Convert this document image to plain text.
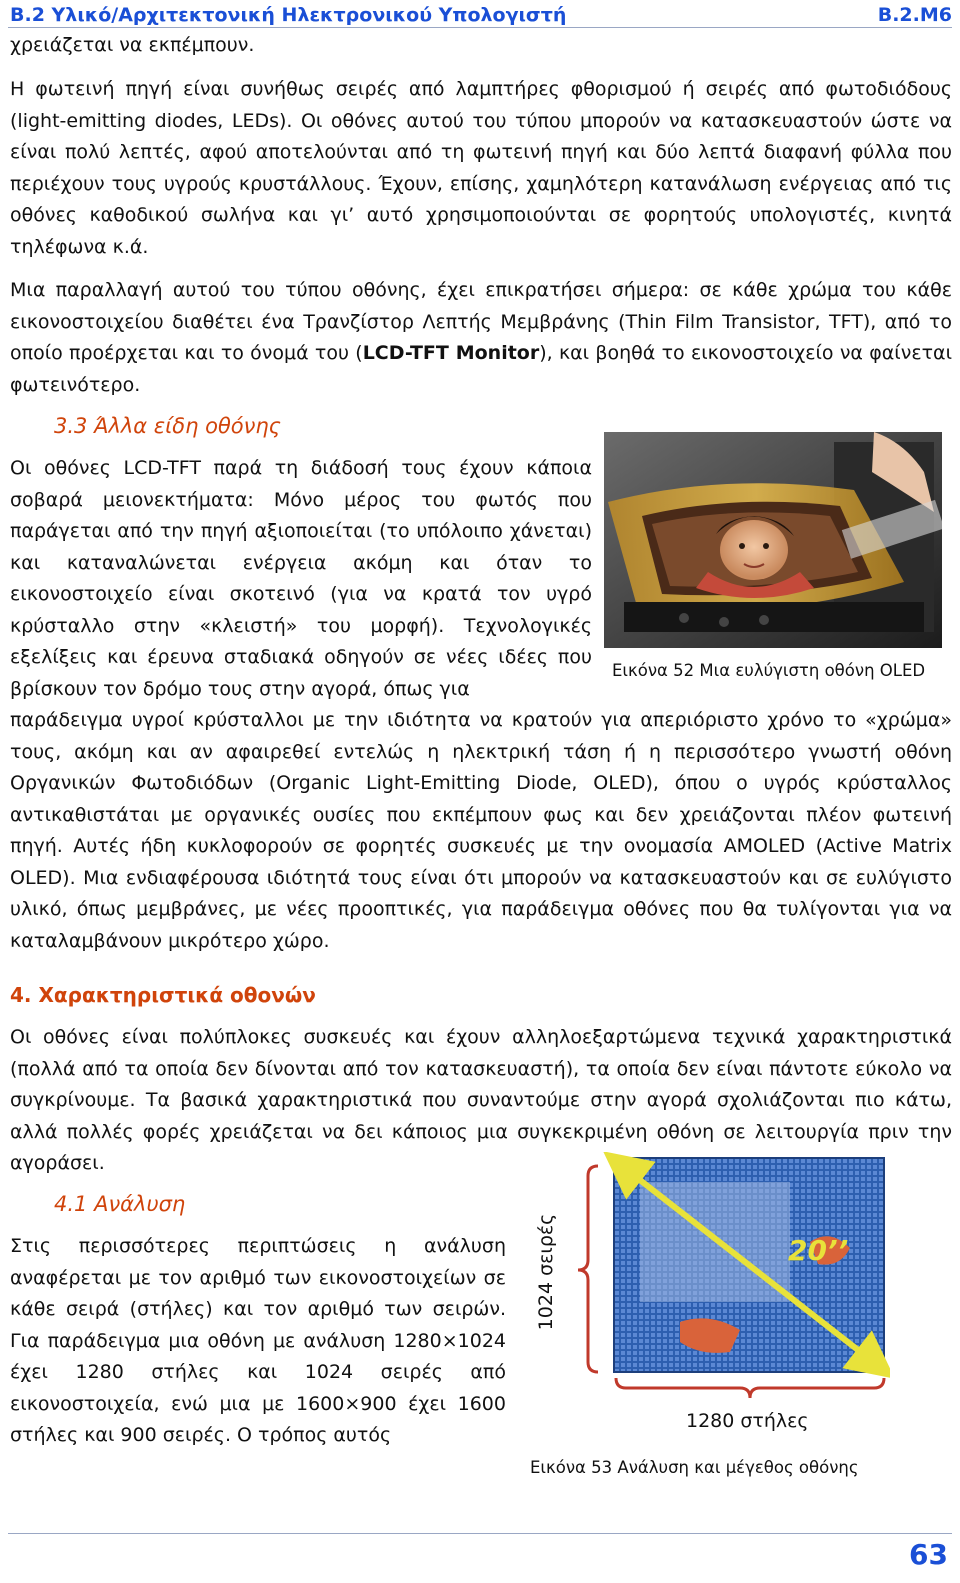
Β.2 Υλικό/Αρχιτεκτονική Ηλεκτρονικού Υπολογιστή	Β.2.Μ6
χρειάζεται να εκπέμπουν.
Η φωτεινή πηγή είναι συνήθως σειρές από λαμπτήρες φθορισμού ή σειρές από φωτοδιόδους (light-emitting diodes, LEDs). Οι οθόνες αυτού του τύπου μπορούν να κατασκευαστούν ώστε να είναι πολύ λεπτές, αφού αποτελούνται από τη φωτεινή πηγή και δύο λεπτά διαφανή φύλλα που περιέχουν τους υγρούς κρυστάλλους. Έχουν, επίσης, χαμηλότερη κατανάλωση ενέργειας από τις οθόνες καθοδικού σωλήνα και γι’ αυτό χρησιμοποιούνται σε φορητούς υπολογιστές, κινητά τηλέφωνα κ.ά.
Μια παραλλαγή αυτού του τύπου οθόνης, έχει επικρατήσει σήμερα: σε κάθε χρώμα του κάθε εικονοστοιχείου διαθέτει ένα Τρανζίστορ Λεπτής Μεμβράνης (Thin Film Transistor, TFT), από το οποίο προέρχεται και το όνομά του (LCD-TFT Monitor), και βοηθά το εικονοστοιχείο να φαίνεται φωτεινότερο.
3.3 Άλλα είδη οθόνης
Οι οθόνες LCD-TFT παρά τη διάδοσή τους έχουν κάποια σοβαρά μειονεκτήματα: Μόνο μέρος του φωτός που παράγεται από την πηγή αξιοποιείται (το υπόλοιπο χάνεται) και καταναλώνεται ενέργεια ακόμη και όταν το εικονοστοιχείο είναι σκοτεινό (για να κρατά τον υγρό κρύσταλλο στην «κλειστή» του μορφή). Τεχνολογικές εξελίξεις και έρευνα σταδιακά οδηγούν σε νέες ιδέες που βρίσκουν τον δρόμο τους στην αγορά, όπως για
Εικόνα 52 Μια ευλύγιστη οθόνη OLED
παράδειγμα υγροί κρύσταλλοι με την ιδιότητα να κρατούν για απεριόριστο χρόνο το «χρώμα» τους, ακόμη και αν αφαιρεθεί εντελώς η ηλεκτρική τάση ή η περισσότερο γνωστή οθόνη Οργανικών Φωτοδιόδων (Organic Light-Emitting Diode, OLED), όπου ο υγρός κρύσταλλος αντικαθιστάται με οργανικές ουσίες που εκπέμπουν φως και δεν χρειάζονται πλέον φωτεινή πηγή. Αυτές ήδη κυκλοφορούν σε φορητές συσκευές με την ονομασία AMOLED (Active Matrix OLED). Μια ενδιαφέρουσα ιδιότητά τους είναι ότι μπορούν να κατασκευαστούν και σε ευλύγιστο υλικό, όπως μεμβράνες, με νέες προοπτικές, για παράδειγμα οθόνες που θα τυλίγονται για να καταλαμβάνουν μικρότερο χώρο.
4. Χαρακτηριστικά οθονών
Οι οθόνες είναι πολύπλοκες συσκευές και έχουν αλληλοεξαρτώμενα τεχνικά χαρακτηριστικά (πολλά από τα οποία δεν δίνονται από τον κατασκευαστή), τα οποία δεν είναι πάντοτε εύκολο να συγκρίνουμε. Τα βασικά χαρακτηριστικά που συναντούμε στην αγορά σχολιάζονται πιο κάτω, αλλά πολλές φορές χρειάζεται να δει κάποιος μια συγκεκριμένη οθόνη σε λειτουργία πριν την αγοράσει.
4.1 Ανάλυση
Στις περισσότερες περιπτώσεις η ανάλυση αναφέρεται με τον αριθμό των εικονοστοιχείων σε κάθε σειρά (στήλες) και τον αριθμό των σειρών. Για παράδειγμα μια οθόνη με ανάλυση 1280×1024 έχει 1280 στήλες και 1024 σειρές από εικονοστοιχεία, ενώ μια με 1600×900 έχει 1600 στήλες και 900 σειρές. Ο τρόπος αυτός
1024 σειρές	20’’
1280 στήλες
Εικόνα 53 Ανάλυση και μέγεθος οθόνης
63
